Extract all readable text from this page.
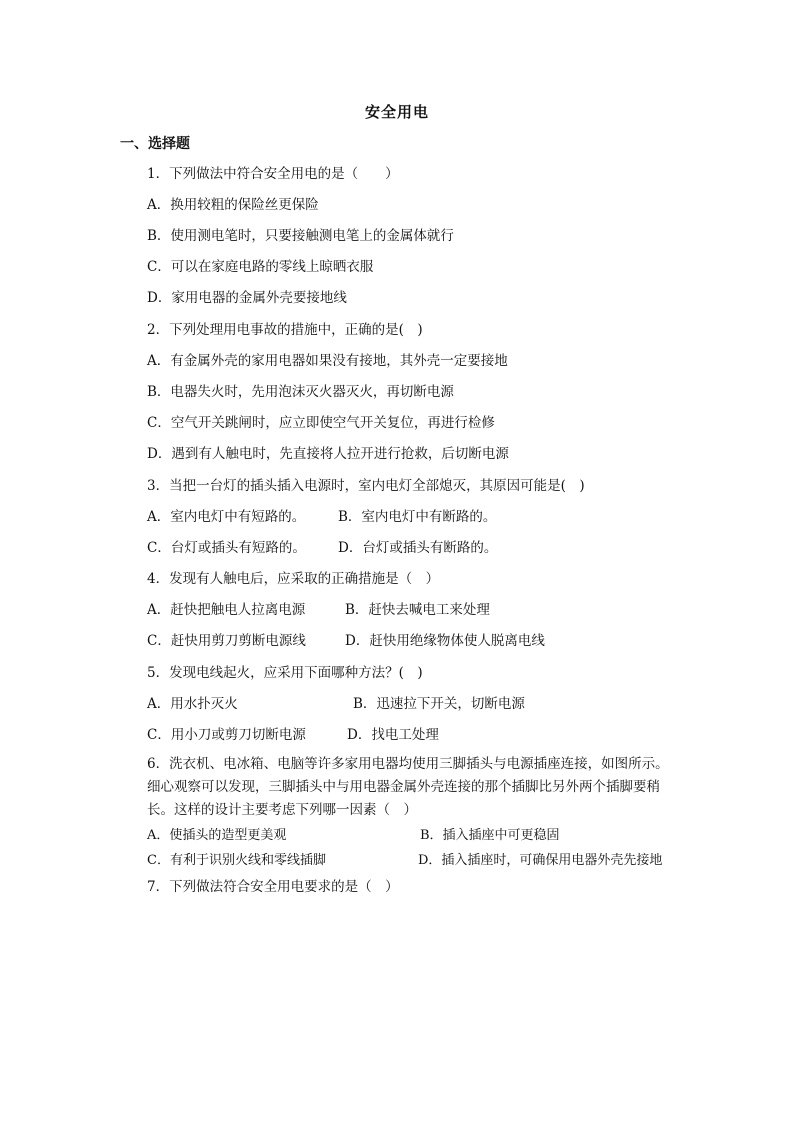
安全用电
一、选择题
1．下列做法中符合安全用电的是（　　）
A．换用较粗的保险丝更保险
B．使用测电笔时，只要接触测电笔上的金属体就行
C．可以在家庭电路的零线上晾晒衣服
D．家用电器的金属外壳要接地线
2．下列处理用电事故的措施中，正确的是(　)
A．有金属外壳的家用电器如果没有接地，其外壳一定要接地
B．电器失火时，先用泡沫灭火器灭火，再切断电源
C．空气开关跳闸时，应立即使空气开关复位，再进行检修
D．遇到有人触电时，先直接将人拉开进行抢救，后切断电源
3．当把一台灯的插头插入电源时，室内电灯全部熄灭，其原因可能是(　)
A．室内电灯中有短路的。 B．室内电灯中有断路的。
C．台灯或插头有短路的。 D．台灯或插头有断路的。
4．发现有人触电后，应采取的正确措施是（　）
A．赶快把触电人拉离电源	B．赶快去喊电工来处理
C．赶快用剪刀剪断电源线	D．赶快用绝缘物体使人脱离电线
5．发现电线起火，应采用下面哪种方法？(　)
A．用水扑灭火	B．迅速拉下开关，切断电源
C．用小刀或剪刀切断电源	D．找电工处理
6．洗衣机、电冰箱、电脑等许多家用电器均使用三脚插头与电源插座连接，如图所示。细心观察可以发现，三脚插头中与用电器金属外壳连接的那个插脚比另外两个插脚要稍长。这样的设计主要考虑下列哪一因素（　）
A．使插头的造型更美观	B．插入插座中可更稳固
C．有利于识别火线和零线插脚	D．插入插座时，可确保用电器外壳先接地
7．下列做法符合安全用电要求的是（　）
